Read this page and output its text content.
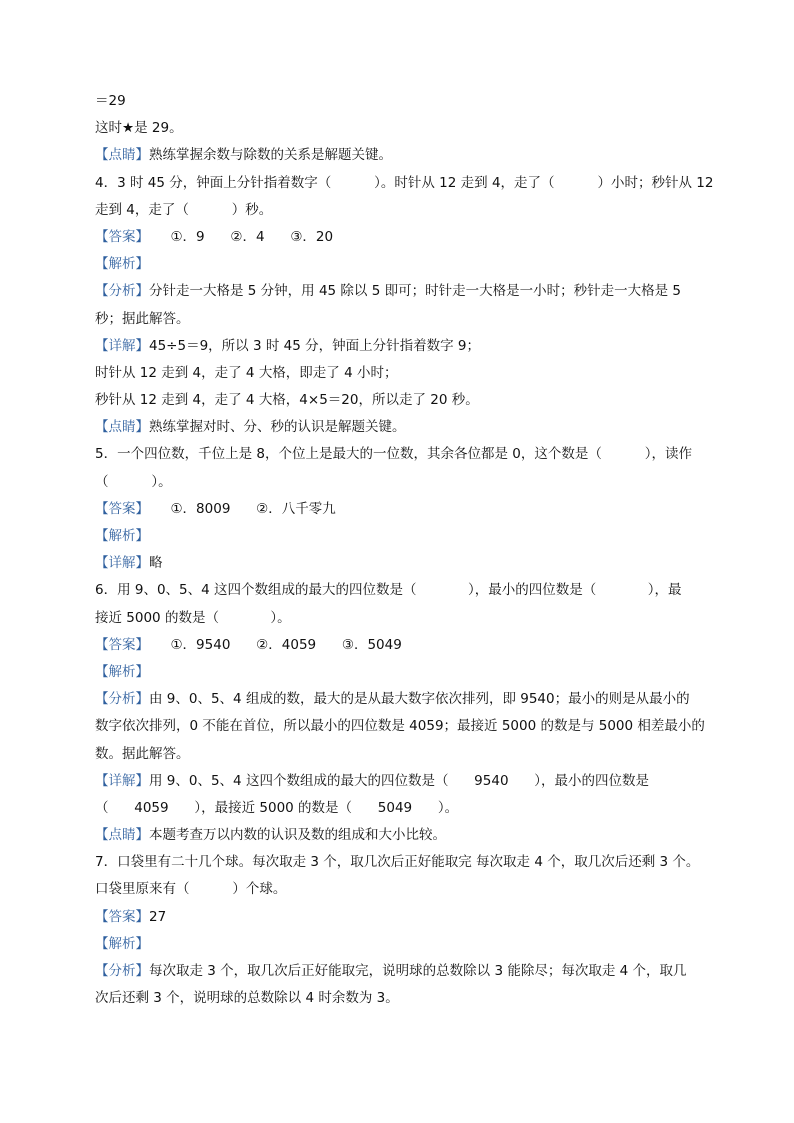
＝29
这时★是 29。
【点睛】熟练掌握余数与除数的关系是解题关键。
4．3 时 45 分，钟面上分针指着数字（          ）。时针从 12 走到 4，走了（          ）小时；秒针从 12
走到 4，走了（          ）秒。
【答案】     ①．9      ②．4      ③．20
【解析】
【分析】分针走一大格是 5 分钟，用 45 除以 5 即可；时针走一大格是一小时；秒针走一大格是 5
秒；据此解答。
【详解】45÷5＝9，所以 3 时 45 分，钟面上分针指着数字 9；
时针从 12 走到 4，走了 4 大格，即走了 4 小时；
秒针从 12 走到 4，走了 4 大格，4×5＝20，所以走了 20 秒。
【点睛】熟练掌握对时、分、秒的认识是解题关键。
5．一个四位数，千位上是 8，个位上是最大的一位数，其余各位都是 0，这个数是（          ），读作
（          ）。
【答案】     ①．8009      ②．八千零九
【解析】
【详解】略
6．用 9、0、5、4 这四个数组成的最大的四位数是（            ），最小的四位数是（            ），最
接近 5000 的数是（            ）。
【答案】     ①．9540      ②．4059      ③．5049
【解析】
【分析】由 9、0、5、4 组成的数，最大的是从最大数字依次排列，即 9540；最小的则是从最小的
数字依次排列，0 不能在首位，所以最小的四位数是 4059；最接近 5000 的数是与 5000 相差最小的
数。据此解答。
【详解】用 9、0、5、4 这四个数组成的最大的四位数是（      9540      ），最小的四位数是
（      4059      ），最接近 5000 的数是（      5049      ）。
【点睛】本题考查万以内数的认识及数的组成和大小比较。
7．口袋里有二十几个球。每次取走 3 个，取几次后正好能取完 每次取走 4 个，取几次后还剩 3 个。
口袋里原来有（          ）个球。
【答案】27
【解析】
【分析】每次取走 3 个，取几次后正好能取完，说明球的总数除以 3 能除尽；每次取走 4 个，取几
次后还剩 3 个，说明球的总数除以 4 时余数为 3。
